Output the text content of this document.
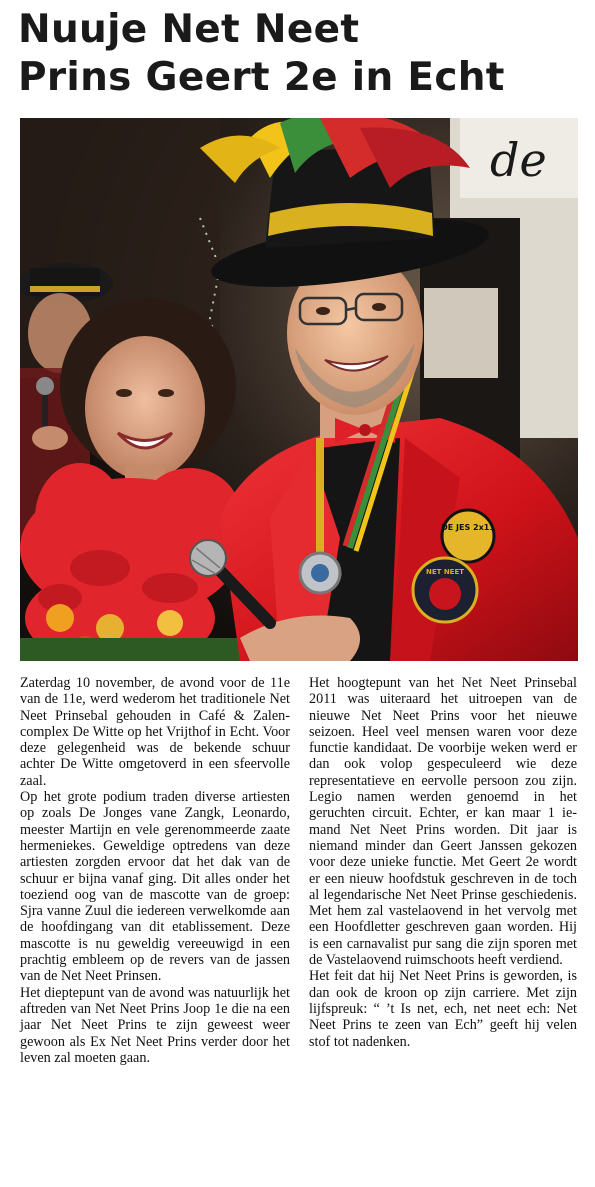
Nuuje Net Neet
Prins Geert 2e in Echt
de
DE JES 2x11
NET NEET

Zaterdag 10 november, de avond voor de 11e van de 11e, werd wederom het traditionele Net Neet Prinsebal gehouden in Café & Zalencomplex De Witte op het Vrijthof in Echt. Voor deze gelegenheid was de bekende schuur achter De Witte omgetoverd in een sfeervolle zaal.

Op het grote podium traden diverse artiesten op zoals De Jonges vane Zangk, Leonardo, meester Martijn en vele gerenommeerde zaate hermeniekes. Geweldige optredens van deze artiesten zorgden ervoor dat het dak van de schuur er bijna vanaf ging. Dit alles onder het toeziend oog van de mascotte van de groep: Sjra vanne Zuul die iedereen verwelkomde aan de hoofdingang van dit etablissement. Deze mascotte is nu geweldig vereeuwigd in een prachtig embleem op de revers van de jassen van de Net Neet Prinsen.

Het dieptepunt van de avond was natuurlijk het aftreden van Net Neet Prins Joop 1e die na een jaar Net Neet Prins te zijn geweest weer gewoon als Ex Net Neet Prins verder door het leven zal moeten gaan.

Het hoogtepunt van het Net Neet Prinsebal 2011 was uiteraard het uitroepen van de nieuwe Net Neet Prins voor het nieuwe seizoen. Heel veel mensen waren voor deze functie kandidaat. De voorbije weken werd er dan ook volop gespeculeerd wie deze representatieve en eervolle persoon zou zijn. Legio namen werden genoemd in het geruchten circuit. Echter, er kan maar 1 iemand Net Neet Prins worden. Dit jaar is niemand minder dan Geert Janssen gekozen voor deze unieke functie. Met Geert 2e wordt er een nieuw hoofdstuk geschreven in de toch al legendarische Net Neet Prinse geschiedenis. Met hem zal vastelaovend in het vervolg met een Hoofdletter geschreven gaan worden. Hij is een carnavalist pur sang die zijn sporen met de Vastelaovend ruimschoots heeft verdiend.

Het feit dat hij Net Neet Prins is geworden, is dan ook de kroon op zijn carriere. Met zijn lijfspreuk: “ ’t Is net, ech, net neet ech: Net Neet Prins te zeen van Ech” geeft hij velen stof tot nadenken.
